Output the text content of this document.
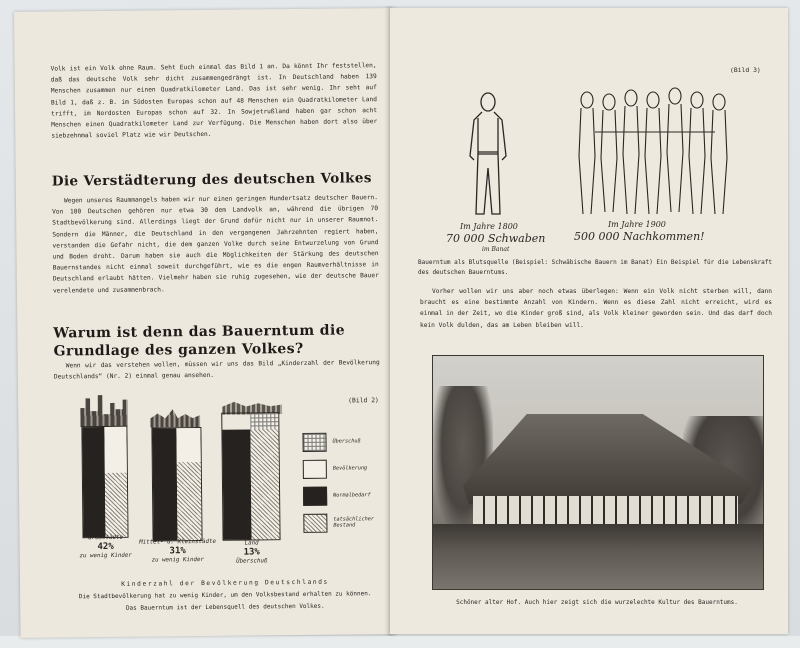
Volk ist ein Volk ohne Raum. Seht Euch einmal das Bild 1 an. Da könnt Ihr feststellen, daß das deutsche Volk sehr dicht zusammengedrängt ist. In Deutschland haben 139 Menschen zusammen nur einen Quadratkilometer Land. Das ist sehr wenig. Ihr seht auf Bild 1, daß z. B. im Südosten Europas schon auf 48 Menschen ein Quadratkilometer Land trifft, im Nordosten Europas schon auf 32. In Sowjetrußland haben gar schon acht Menschen einen Quadratkilometer Land zur Verfügung. Die Menschen haben dort also über siebzehnmal soviel Platz wie wir Deutschen.
Die Verstädterung des deutschen Volkes
Wegen unseres Raummangels haben wir nur einen geringen Hundertsatz deutscher Bauern. Von 100 Deutschen gehören nur etwa 30 dem Landvolk an, während die übrigen 70 Stadtbevölkerung sind. Allerdings liegt der Grund dafür nicht nur in unserer Raumnot. Sondern die Männer, die Deutschland in den vergangenen Jahrzehnten regiert haben, verstanden die Gefahr nicht, die dem ganzen Volke durch seine Entwurzelung von Grund und Boden droht. Darum haben sie auch die Möglichkeiten der Stärkung des deutschen Bauernstandes nicht einmal soweit durchgeführt, wie es die engen Raumverhältnisse in Deutschland erlaubt hätten. Vielmehr haben sie ruhig zugesehen, wie der deutsche Bauer verelendete und zusammenbrach.
Warum ist denn das Bauerntum die Grundlage des ganzen Volkes?
Wenn wir das verstehen wollen, müssen wir uns das Bild „Kinderzahl der Bevölkerung Deutschlands“ (Nr. 2) einmal genau ansehen.
(Bild 2)
Überschuß
Bevölkerung
Normalbedarf
tatsächlicher Bestand
Großstädte
42%
zu wenig Kinder
Mittel- u. Kleinstädte
31%
zu wenig Kinder
Land
13%
Überschuß
Kinderzahl der Bevölkerung Deutschlands
Die Stadtbevölkerung hat zu wenig Kinder, um den Volksbestand erhalten zu können.
Das Bauerntum ist der Lebensquell des deutschen Volkes.
(Bild 3)
Im Jahre 1800
70 000 Schwaben
im Banat
Im Jahre 1900
500 000 Nachkommen!
Bauerntum als Blutsquelle (Beispiel: Schwäbische Bauern im Banat) Ein Beispiel für die Lebenskraft des deutschen Bauerntums.
Vorher wollen wir uns aber noch etwas überlegen: Wenn ein Volk nicht sterben will, dann braucht es eine bestimmte Anzahl von Kindern. Wenn es diese Zahl nicht erreicht, wird es einmal in der Zeit, wo die Kinder groß sind, als Volk kleiner geworden sein. Und das darf doch kein Volk dulden, das am Leben bleiben will.
Schöner alter Hof. Auch hier zeigt sich die wurzelechte Kultur des Bauerntums.
